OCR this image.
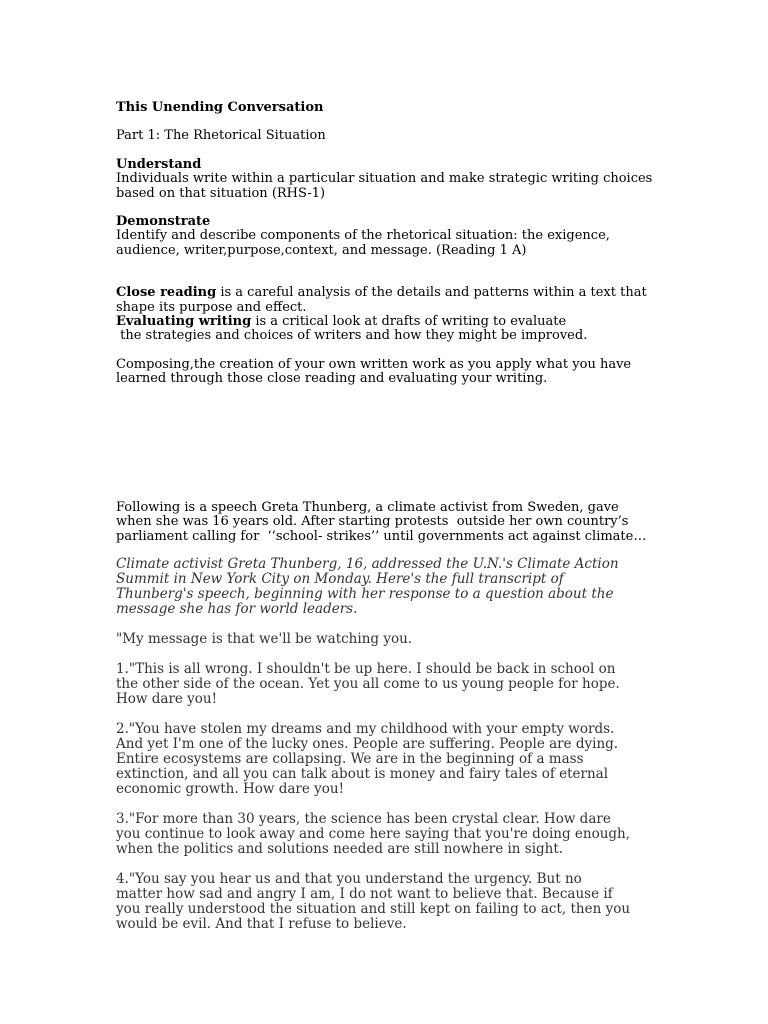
This Unending Conversation

Part 1: The Rhetorical Situation

Understand

Individuals write within a particular situation and make strategic writing choices
based on that situation (RHS-1)

Demonstrate

Identify and describe components of the rhetorical situation: the exigence,
audience, writer,purpose,context, and message. (Reading 1 A)
Close reading is a careful analysis of the details and patterns within a text that
shape its purpose and effect.
Evaluating writing is a critical look at drafts of writing to evaluate
the strategies and choices of writers and how they might be improved.
Composing,the creation of your own written work as you apply what you have
learned through those close reading and evaluating your writing.
Following is a speech Greta Thunberg, a climate activist from Sweden, gave
when she was 16 years old. After starting protests  outside her own country’s
parliament calling for  ‘‘school- strikes’’ until governments act against climate…
Climate activist Greta Thunberg, 16, addressed the U.N.'s Climate Action
Summit in New York City on Monday. Here's the full transcript of
Thunberg's speech, beginning with her response to a question about the
message she has for world leaders.
"My message is that we'll be watching you.
1."This is all wrong. I shouldn't be up here. I should be back in school on
the other side of the ocean. Yet you all come to us young people for hope.
How dare you!
2."You have stolen my dreams and my childhood with your empty words.
And yet I'm one of the lucky ones. People are suffering. People are dying.
Entire ecosystems are collapsing. We are in the beginning of a mass
extinction, and all you can talk about is money and fairy tales of eternal
economic growth. How dare you!
3."For more than 30 years, the science has been crystal clear. How dare
you continue to look away and come here saying that you're doing enough,
when the politics and solutions needed are still nowhere in sight.
4."You say you hear us and that you understand the urgency. But no
matter how sad and angry I am, I do not want to believe that. Because if
you really understood the situation and still kept on failing to act, then you
would be evil. And that I refuse to believe.
